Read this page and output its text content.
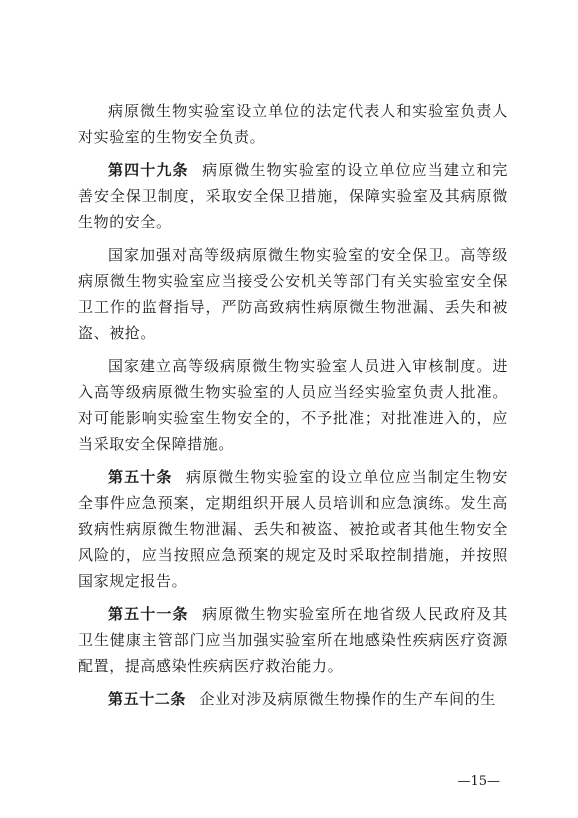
病原微生物实验室设立单位的法定代表人和实验室负责人对实验室的生物安全负责。

第四十九条 病原微生物实验室的设立单位应当建立和完善安全保卫制度，采取安全保卫措施，保障实验室及其病原微生物的安全。

国家加强对高等级病原微生物实验室的安全保卫。高等级病原微生物实验室应当接受公安机关等部门有关实验室安全保卫工作的监督指导，严防高致病性病原微生物泄漏、丢失和被盗、被抢。

国家建立高等级病原微生物实验室人员进入审核制度。进入高等级病原微生物实验室的人员应当经实验室负责人批准。对可能影响实验室生物安全的，不予批准；对批准进入的，应当采取安全保障措施。

第五十条 病原微生物实验室的设立单位应当制定生物安全事件应急预案，定期组织开展人员培训和应急演练。发生高致病性病原微生物泄漏、丢失和被盗、被抢或者其他生物安全风险的，应当按照应急预案的规定及时采取控制措施，并按照国家规定报告。

第五十一条 病原微生物实验室所在地省级人民政府及其卫生健康主管部门应当加强实验室所在地感染性疾病医疗资源配置，提高感染性疾病医疗救治能力。

第五十二条 企业对涉及病原微生物操作的生产车间的生

—15—
